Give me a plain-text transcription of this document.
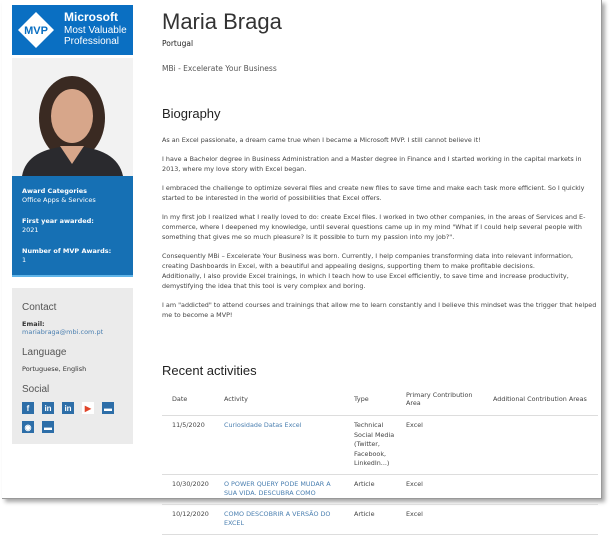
MVP
Microsoft
Most Valuable
Professional
Award Categories
Office Apps & Services
First year awarded:
2021
Number of MVP Awards:
1
Contact

Email: mariabraga@mbi.com.pt

Language

Portuguese, English

Social
f	in	in	▶	▬
◉	▬
Maria Braga
Portugal
MBi - Excelerate Your Business
Biography

As an Excel passionate, a dream came true when I became a Microsoft MVP. I still cannot believe it!

I have a Bachelor degree in Business Administration and a Master degree in Finance and I started working in the capital markets in 2013, where my love story with Excel began.

I embraced the challenge to optimize several files and create new files to save time and make each task more efficient. So I quickly started to be interested in the world of possibilities that Excel offers.

In my first job I realized what I really loved to do: create Excel files. I worked in two other companies, in the areas of Services and E-commerce, where I deepened my knowledge, until several questions came up in my mind "What if I could help several people with something that gives me so much pleasure? Is it possible to turn my passion into my job?".

Consequently MBi – Excelerate Your Business was born. Currently, I help companies transforming data into relevant information, creating Dashboards in Excel, with a beautiful and appealing designs, supporting them to make profitable decisions.

Additionally, I also provide Excel trainings, in which I teach how to use Excel efficiently, to save time and increase productivity, demystifying the idea that this tool is very complex and boring.

I am "addicted" to attend courses and trainings that allow me to learn constantly and I believe this mindset was the trigger that helped me to become a MVP!

Recent activities
Date	Activity	Type	Primary Contribution Area	Additional Contribution Areas
11/5/2020	Curiosidade Datas Excel	Technical Social Media (Twitter, Facebook, LinkedIn...)	Excel	
10/30/2020	O POWER QUERY PODE MUDAR A SUA VIDA. DESCUBRA COMO	Article	Excel	
10/12/2020	COMO DESCOBRIR A VERSÃO DO EXCEL	Article	Excel	
